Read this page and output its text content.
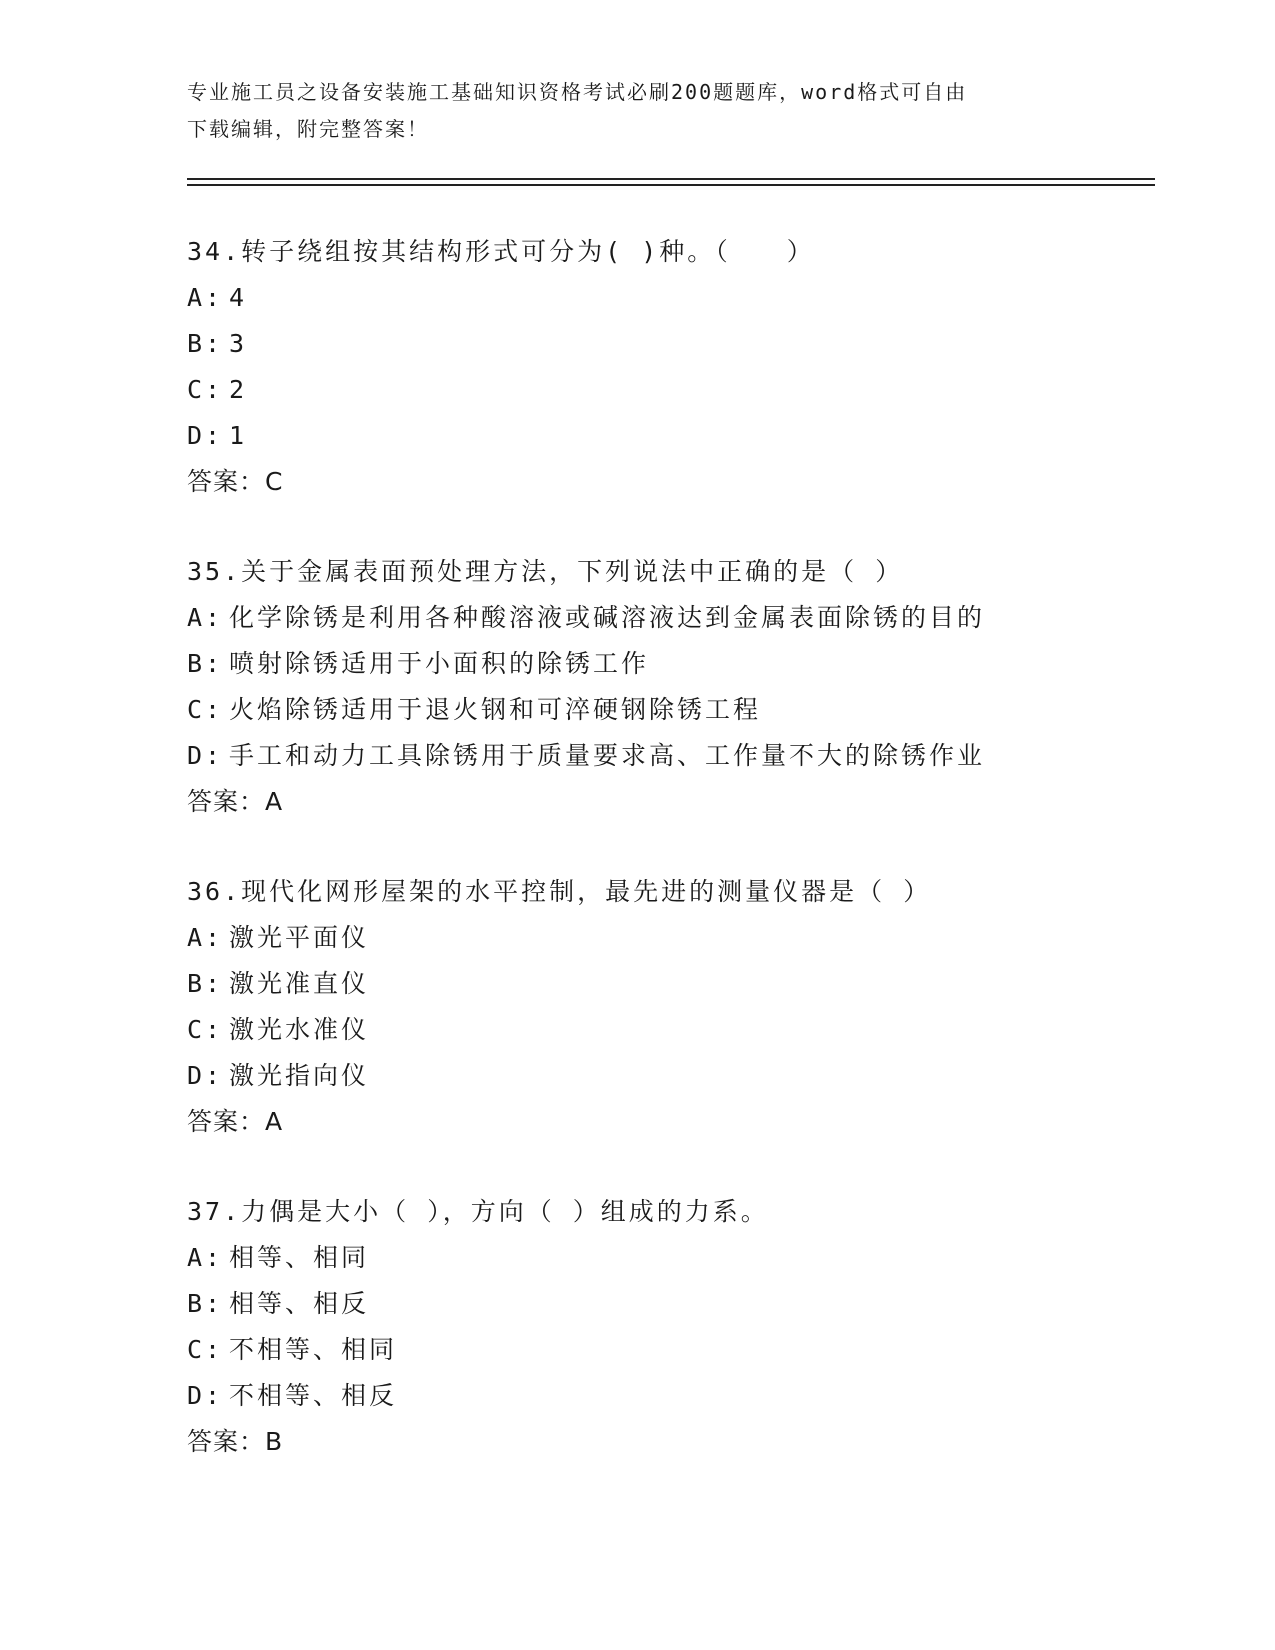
专业施工员之设备安装施工基础知识资格考试必刷200题题库，word格式可自由
下载编辑，附完整答案！
34.转子绕组按其结构形式可分为( )种。（　　）
A: 4
B: 3
C: 2
D: 1
答案：C
35.关于金属表面预处理方法，下列说法中正确的是（ ）
A: 化学除锈是利用各种酸溶液或碱溶液达到金属表面除锈的目的
B: 喷射除锈适用于小面积的除锈工作
C: 火焰除锈适用于退火钢和可淬硬钢除锈工程
D: 手工和动力工具除锈用于质量要求高、工作量不大的除锈作业
答案：A
36.现代化网形屋架的水平控制，最先进的测量仪器是（ ）
A: 激光平面仪
B: 激光准直仪
C: 激光水准仪
D: 激光指向仪
答案：A
37.力偶是大小（ ），方向（ ）组成的力系。
A: 相等、相同
B: 相等、相反
C: 不相等、相同
D: 不相等、相反
答案：B
